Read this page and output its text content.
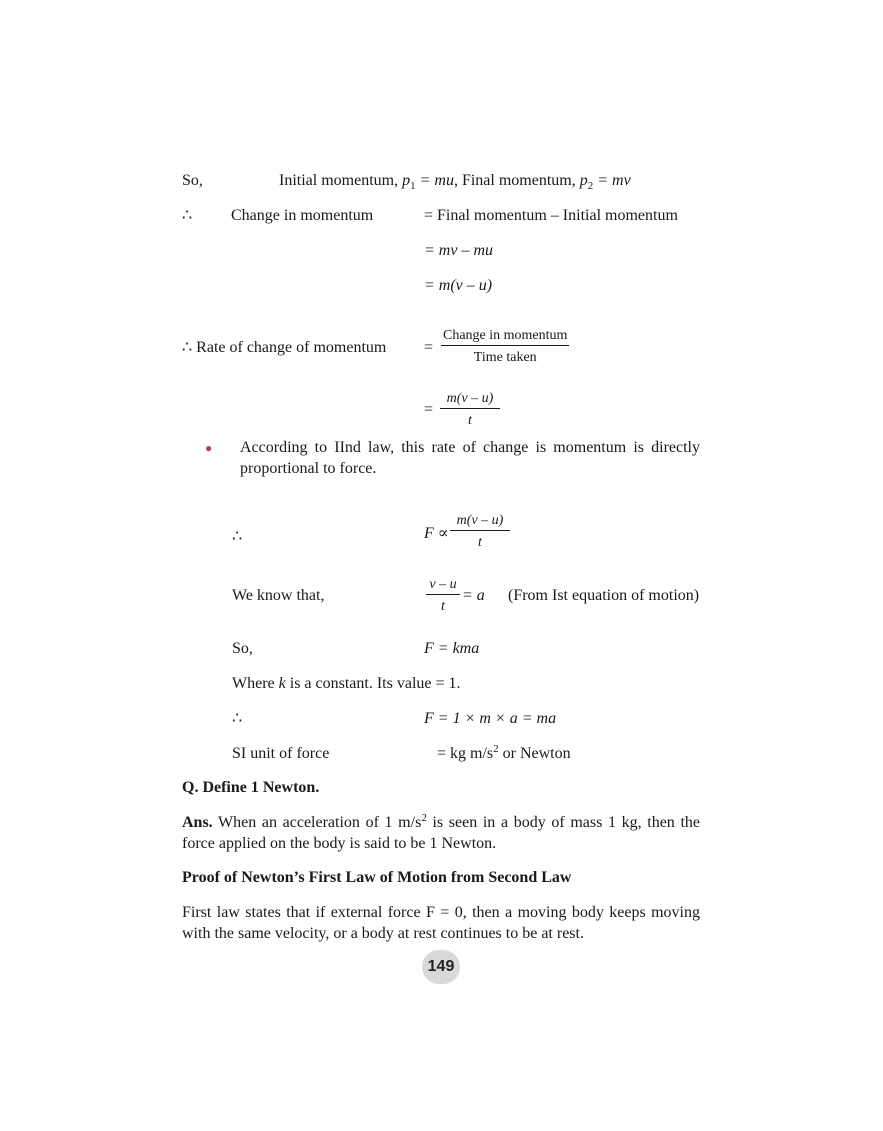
So,	Initial momentum, $p_1$ = mu, Final momentum, $p_2$ = mv
∴ Change in momentum	= Final momentum – Initial momentum
= mv – mu
= m(v – u)
∴ Rate of change of momentum =
Change in momentum
Time taken
=
m(v – u)
t
● According to IInd law, this rate of change is momentum is directly proportional to force.
∴	F ∝
m(v – u)
t
We know that,
v – u
t
= a (From Ist equation of motion)
So,	F = kma
Where k is a constant. Its value = 1.
∴	F = 1 × m × a = ma
SI unit of force	= kg $m/s^2$ or Newton
Q. Define 1 Newton.
Ans. When an acceleration of 1 $m/s^2$ is seen in a body of mass 1 kg, then the force applied on the body is said to be 1 Newton.
Proof of Newton’s First Law of Motion from Second Law
First law states that if external force F = 0, then a moving body keeps moving with the same velocity, or a body at rest continues to be at rest.
149
